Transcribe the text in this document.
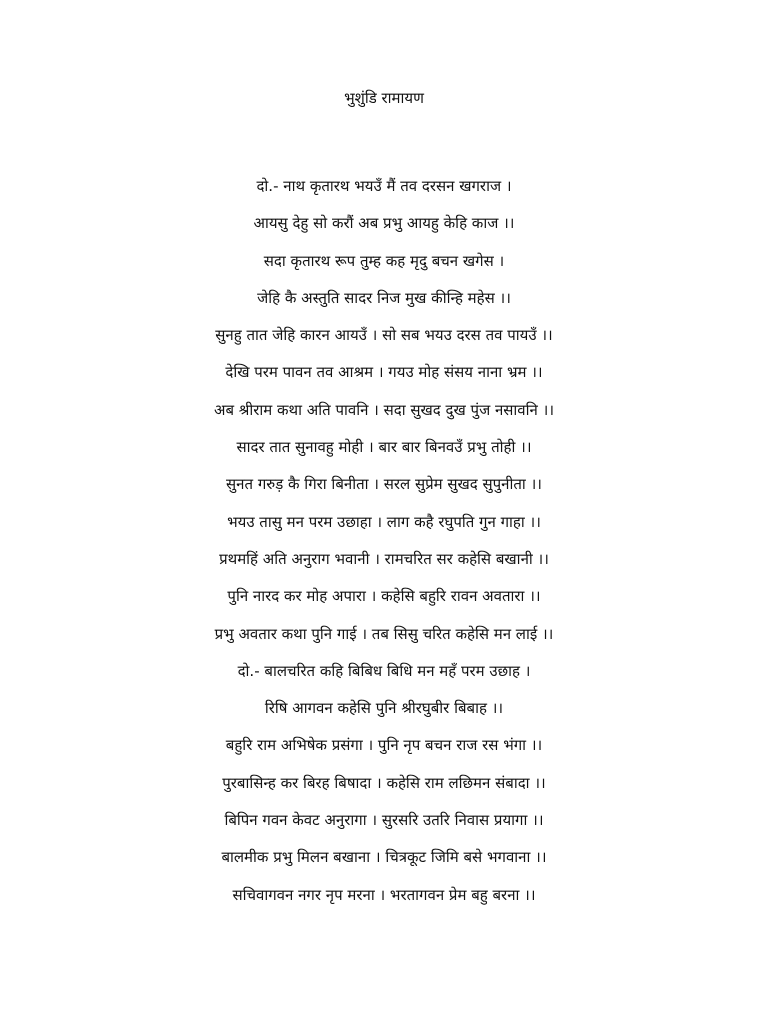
भुशुंडि रामायण
दो.- नाथ कृतारथ भयउँ मैं तव दरसन खगराज ।
आयसु देहु सो करौं अब प्रभु आयहु केहि काज ।।
सदा कृतारथ रूप तुम्ह कह मृदु बचन खगेस ।
जेहि कै अस्तुति सादर निज मुख कीन्हि महेस ।।
सुनहु तात जेहि कारन आयउँ । सो सब भयउ दरस तव पायउँ ।।
देखि परम पावन तव आश्रम । गयउ मोह संसय नाना भ्रम ।।
अब श्रीराम कथा अति पावनि । सदा सुखद दुख पुंज नसावनि ।।
सादर तात सुनावहु मोही । बार बार बिनवउँ प्रभु तोही ।।
सुनत गरुड़ कै गिरा बिनीता । सरल सुप्रेम सुखद सुपुनीता ।।
भयउ तासु मन परम उछाहा । लाग कहै रघुपति गुन गाहा ।।
प्रथमहिं अति अनुराग भवानी । रामचरित सर कहेसि बखानी ।।
पुनि नारद कर मोह अपारा । कहेसि बहुरि रावन अवतारा ।।
प्रभु अवतार कथा पुनि गाई । तब सिसु चरित कहेसि मन लाई ।।
दो.- बालचरित कहि बिबिध बिधि मन महँ परम उछाह ।
रिषि आगवन कहेसि पुनि श्रीरघुबीर बिबाह ।।
बहुरि राम अभिषेक प्रसंगा । पुनि नृप बचन राज रस भंगा ।।
पुरबासिन्ह कर बिरह बिषादा । कहेसि राम लछिमन संबादा ।।
बिपिन गवन केवट अनुरागा । सुरसरि उतरि निवास प्रयागा ।।
बालमीक प्रभु मिलन बखाना । चित्रकूट जिमि बसे भगवाना ।।
सचिवागवन नगर नृप मरना । भरतागवन प्रेम बहु बरना ।।
